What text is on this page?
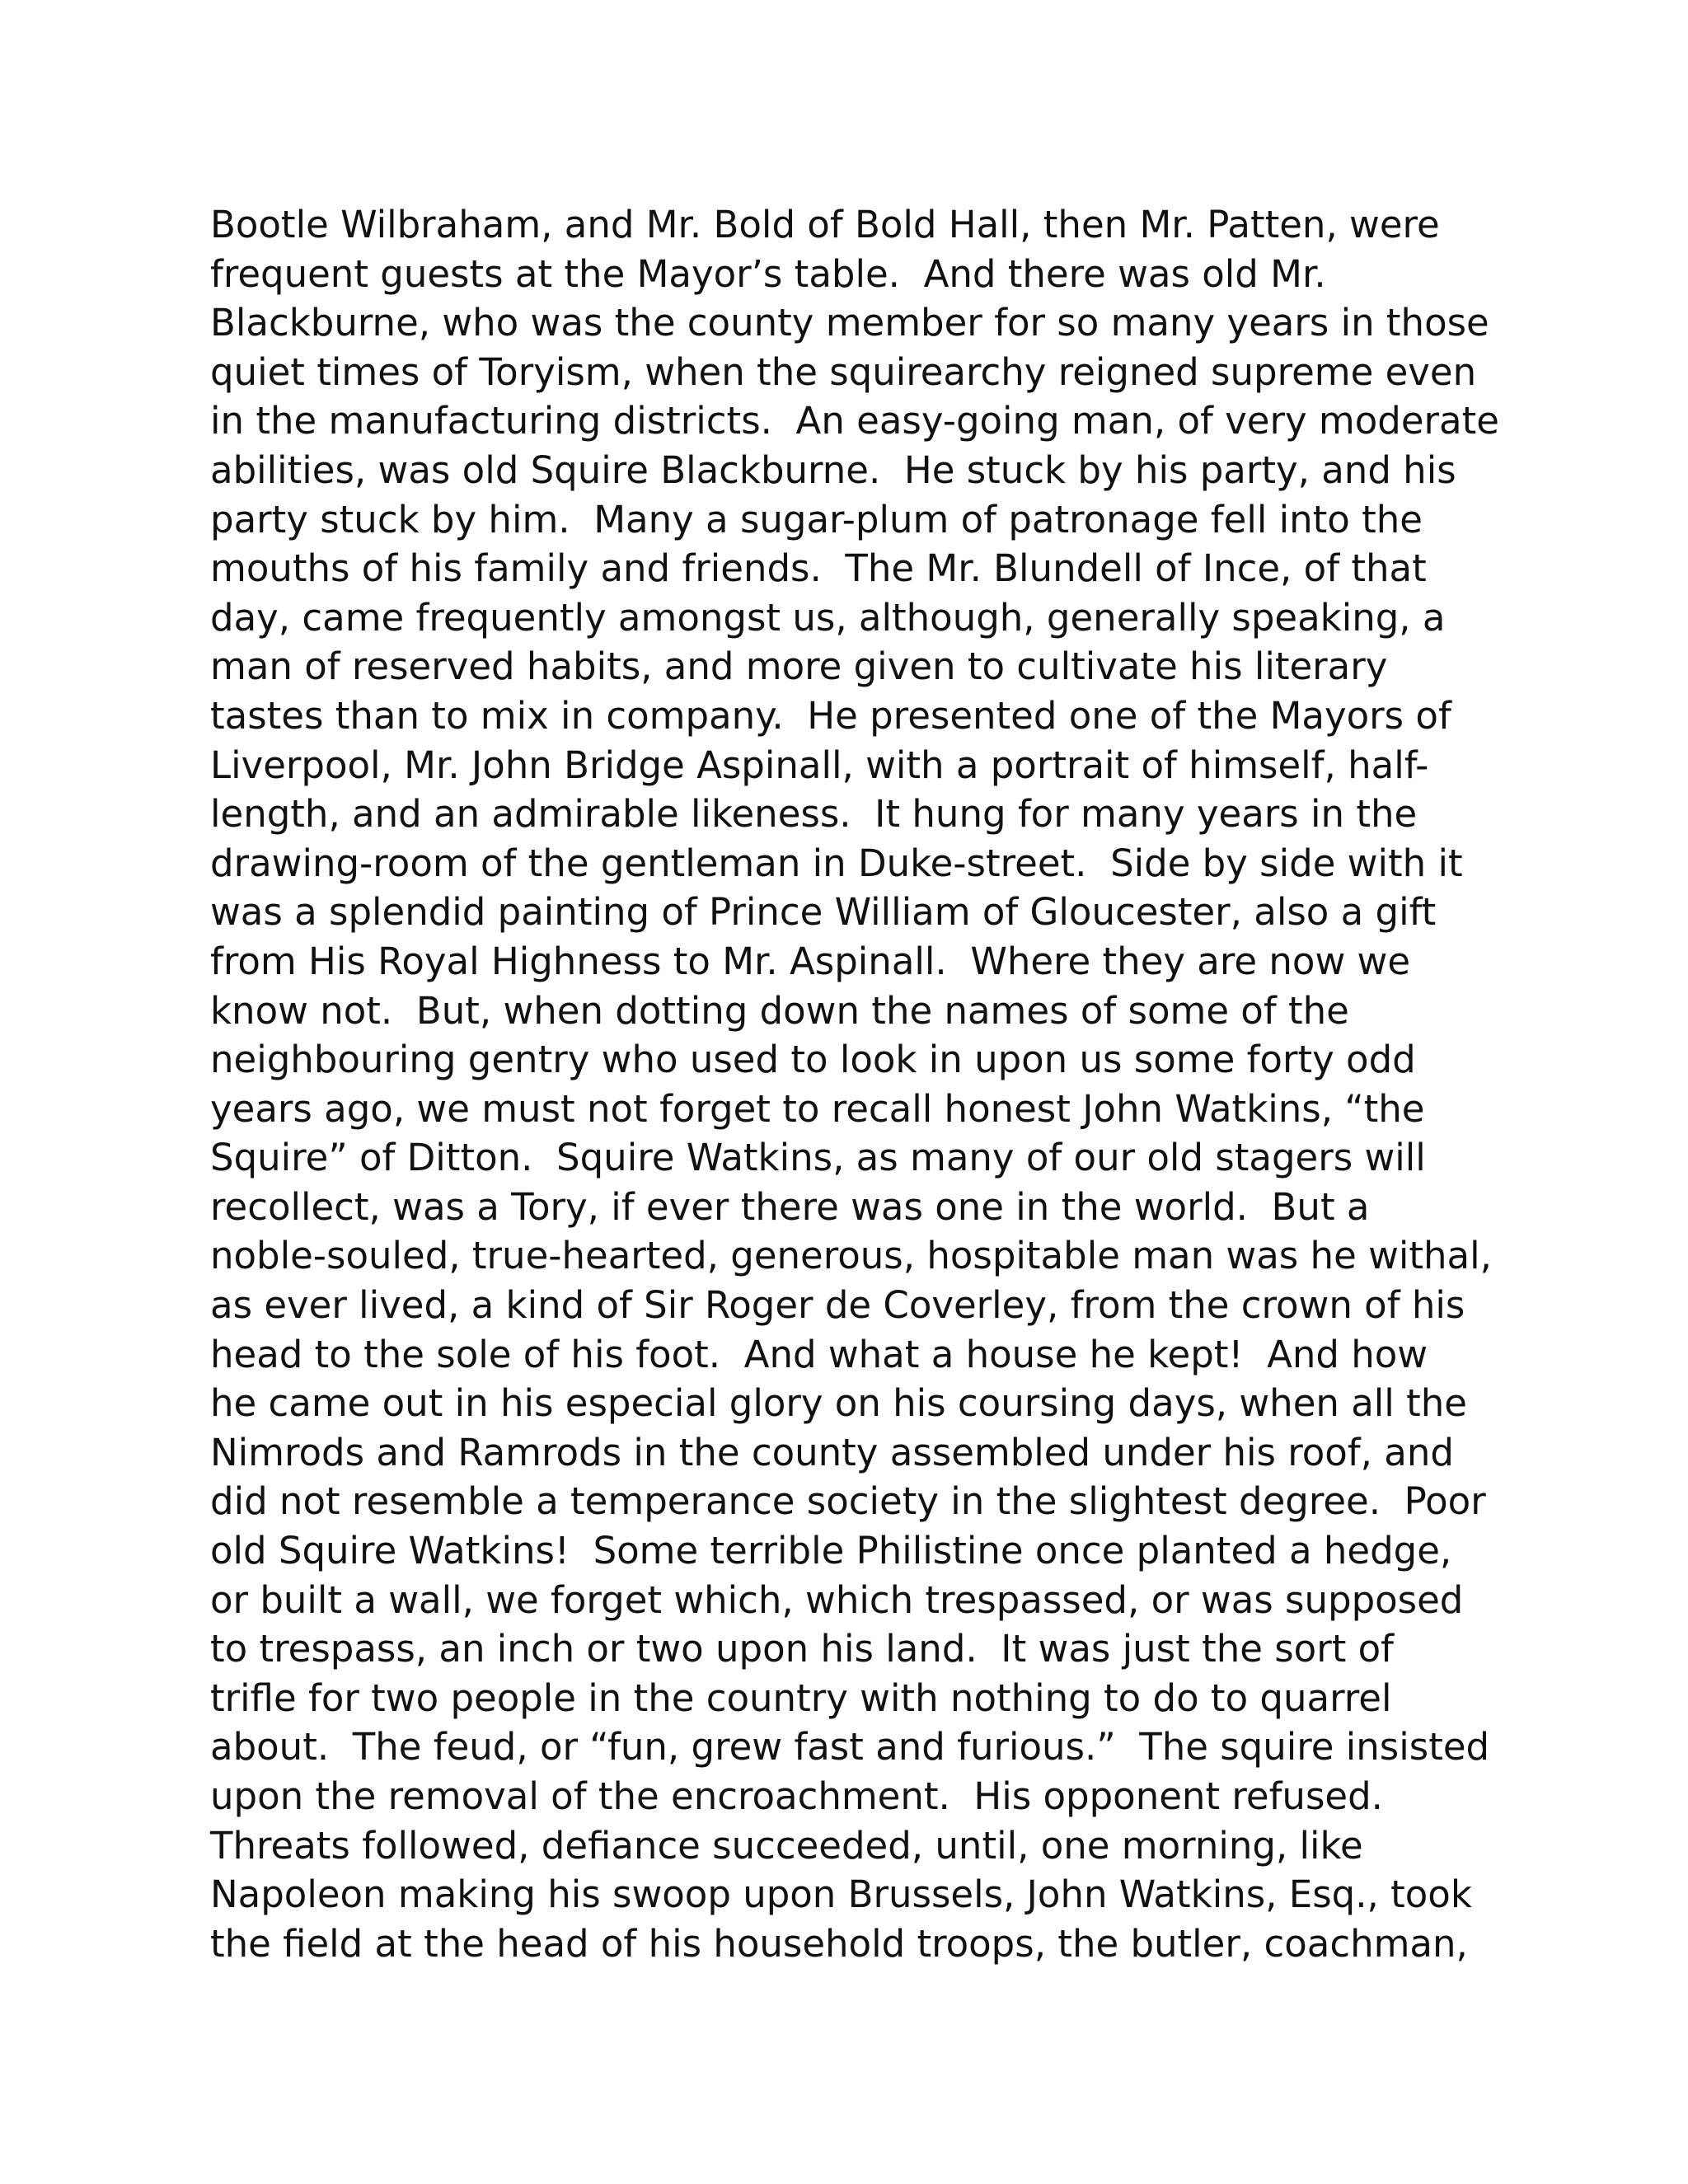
Bootle Wilbraham, and Mr. Bold of Bold Hall, then Mr. Patten, were
frequent guests at the Mayor’s table.  And there was old Mr.
Blackburne, who was the county member for so many years in those
quiet times of Toryism, when the squirearchy reigned supreme even
in the manufacturing districts.  An easy-going man, of very moderate
abilities, was old Squire Blackburne.  He stuck by his party, and his
party stuck by him.  Many a sugar-plum of patronage fell into the
mouths of his family and friends.  The Mr. Blundell of Ince, of that
day, came frequently amongst us, although, generally speaking, a
man of reserved habits, and more given to cultivate his literary
tastes than to mix in company.  He presented one of the Mayors of
Liverpool, Mr. John Bridge Aspinall, with a portrait of himself, half-
length, and an admirable likeness.  It hung for many years in the
drawing-room of the gentleman in Duke-street.  Side by side with it
was a splendid painting of Prince William of Gloucester, also a gift
from His Royal Highness to Mr. Aspinall.  Where they are now we
know not.  But, when dotting down the names of some of the
neighbouring gentry who used to look in upon us some forty odd
years ago, we must not forget to recall honest John Watkins, “the
Squire” of Ditton.  Squire Watkins, as many of our old stagers will
recollect, was a Tory, if ever there was one in the world.  But a
noble-souled, true-hearted, generous, hospitable man was he withal,
as ever lived, a kind of Sir Roger de Coverley, from the crown of his
head to the sole of his foot.  And what a house he kept!  And how
he came out in his especial glory on his coursing days, when all the
Nimrods and Ramrods in the county assembled under his roof, and
did not resemble a temperance society in the slightest degree.  Poor
old Squire Watkins!  Some terrible Philistine once planted a hedge,
or built a wall, we forget which, which trespassed, or was supposed
to trespass, an inch or two upon his land.  It was just the sort of
trifle for two people in the country with nothing to do to quarrel
about.  The feud, or “fun, grew fast and furious.”  The squire insisted
upon the removal of the encroachment.  His opponent refused.
Threats followed, defiance succeeded, until, one morning, like
Napoleon making his swoop upon Brussels, John Watkins, Esq., took
the field at the head of his household troops, the butler, coachman,
